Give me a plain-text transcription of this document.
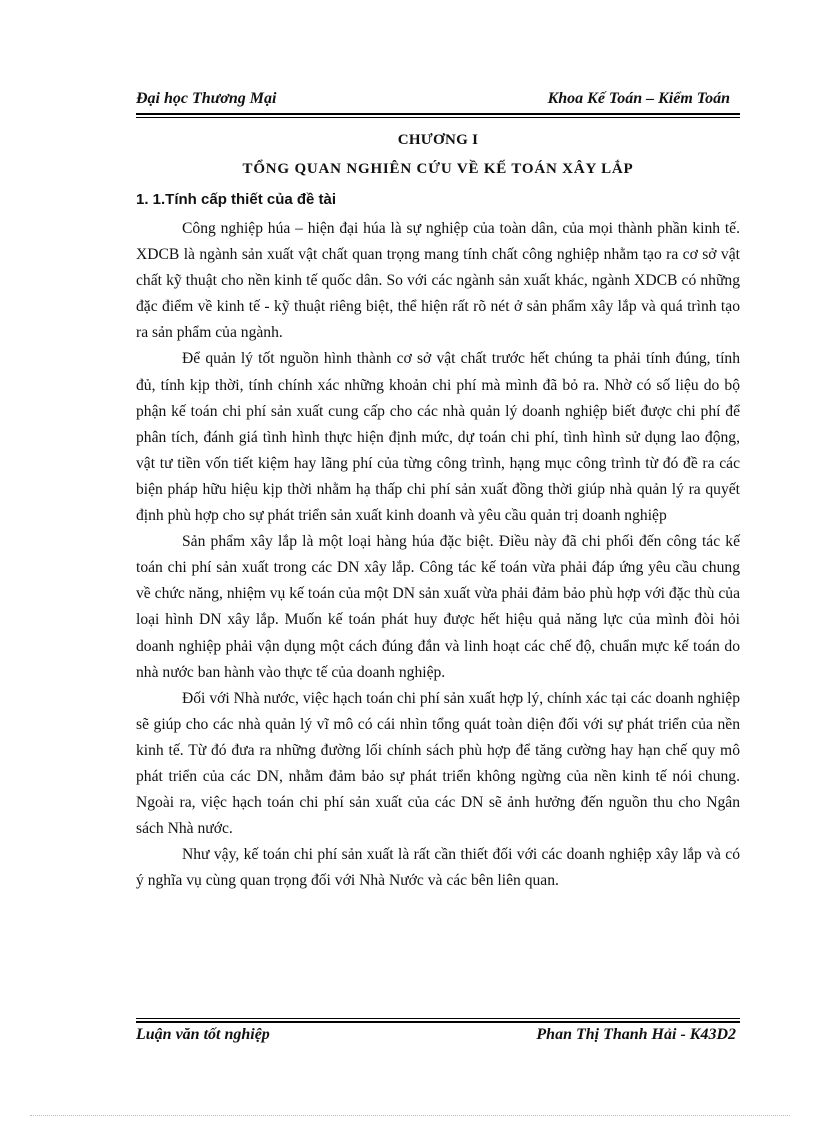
Đại học Thương Mại	Khoa Kế Toán – Kiểm Toán
CHƯƠNG I
TỔNG QUAN NGHIÊN CỨU VỀ KẾ TOÁN XÂY LẮP
1. 1.Tính cấp thiết của đề tài

Công nghiệp húa – hiện đại húa là sự nghiệp của toàn dân, của mọi thành phần kinh tế. XDCB là ngành sản xuất vật chất quan trọng mang tính chất công nghiệp nhằm tạo ra cơ sở vật chất kỹ thuật cho nền kinh tế quốc dân. So với các ngành sản xuất khác, ngành XDCB có những đặc điểm về kinh tế - kỹ thuật riêng biệt, thể hiện rất rõ nét ở sản phẩm xây lắp và quá trình tạo ra sản phẩm của ngành.

Để quản lý tốt nguồn hình thành cơ sở vật chất trước hết chúng ta phải tính đúng, tính đủ, tính kịp thời, tính chính xác những khoản chi phí mà mình đã bỏ ra. Nhờ có số liệu do bộ phận kế toán chi phí sản xuất cung cấp cho các nhà quản lý doanh nghiệp biết được chi phí để phân tích, đánh giá tình hình thực hiện định mức, dự toán chi phí, tình hình sử dụng lao động, vật tư tiền vốn tiết kiệm hay lãng phí của từng công trình, hạng mục công trình từ đó đề ra các biện pháp hữu hiệu kịp thời nhằm hạ thấp chi phí sản xuất đồng thời giúp nhà quản lý ra quyết định phù hợp cho sự phát triển sản xuất kinh doanh và yêu cầu quản trị doanh nghiệp

Sản phẩm xây lắp là một loại hàng húa đặc biệt. Điều này đã chi phối đến công tác kế toán chi phí sản xuất trong các DN xây lắp. Công tác kế toán vừa phải đáp ứng yêu cầu chung về chức năng, nhiệm vụ kế toán của một DN sản xuất vừa phải đảm bảo phù hợp với đặc thù của loại hình DN xây lắp. Muốn kế toán phát huy được hết hiệu quả năng lực của mình đòi hỏi doanh nghiệp phải vận dụng một cách đúng đắn và linh hoạt các chế độ, chuẩn mực kế toán do nhà nước ban hành vào thực tế của doanh nghiệp.

Đối với Nhà nước, việc hạch toán chi phí sản xuất hợp lý, chính xác tại các doanh nghiệp sẽ giúp cho các nhà quản lý vĩ mô có cái nhìn tổng quát toàn diện đối với sự phát triển của nền kinh tế. Từ đó đưa ra những đường lối chính sách phù hợp để tăng cường hay hạn chế quy mô phát triển của các DN, nhằm đảm bảo sự phát triển không ngừng của nền kinh tế nói chung. Ngoài ra, việc hạch toán chi phí sản xuất của các DN sẽ ảnh hưởng đến nguồn thu cho Ngân sách Nhà nước.

Như vậy, kế toán chi phí sản xuất là rất cần thiết đối với các doanh nghiệp xây lắp và có ý nghĩa vụ cùng quan trọng đối với Nhà Nước và các bên liên quan.

Luận văn tốt nghiệp	Phan Thị Thanh Hải - K43D2
